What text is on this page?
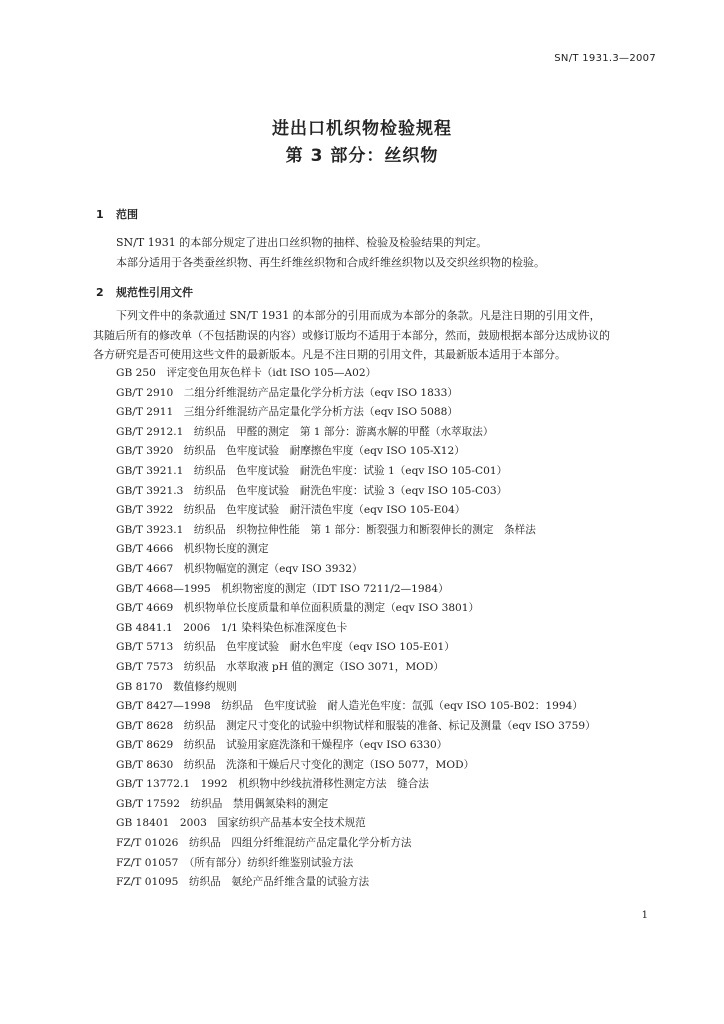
SN/T 1931.3—2007
进出口机织物检验规程
第 3 部分：丝织物
1 范围

SN/T 1931 的本部分规定了进出口丝织物的抽样、检验及检验结果的判定。
本部分适用于各类蚕丝织物、再生纤维丝织物和合成纤维丝织物以及交织丝织物的检验。

2 规范性引用文件

下列文件中的条款通过 SN/T 1931 的本部分的引用而成为本部分的条款。凡是注日期的引用文件，
其随后所有的修改单（不包括勘误的内容）或修订版均不适用于本部分，然而，鼓励根据本部分达成协议的
各方研究是否可使用这些文件的最新版本。凡是不注日期的引用文件，其最新版本适用于本部分。

GB 250　评定变色用灰色样卡（idt ISO 105—A02）
GB/T 2910　二组分纤维混纺产品定量化学分析方法（eqv ISO 1833）
GB/T 2911　三组分纤维混纺产品定量化学分析方法（eqv ISO 5088）
GB/T 2912.1　纺织品　甲醛的测定　第 1 部分：游离水解的甲醛（水萃取法）
GB/T 3920　纺织品　色牢度试验　耐摩擦色牢度（eqv ISO 105-X12）
GB/T 3921.1　纺织品　色牢度试验　耐洗色牢度：试验 1（eqv ISO 105-C01）
GB/T 3921.3　纺织品　色牢度试验　耐洗色牢度：试验 3（eqv ISO 105-C03）
GB/T 3922　纺织品　色牢度试验　耐汗渍色牢度（eqv ISO 105-E04）
GB/T 3923.1　纺织品　织物拉伸性能　第 1 部分：断裂强力和断裂伸长的测定　条样法
GB/T 4666　机织物长度的测定
GB/T 4667　机织物幅宽的测定（eqv ISO 3932）
GB/T 4668—1995　机织物密度的测定（IDT ISO 7211/2—1984）
GB/T 4669　机织物单位长度质量和单位面积质量的测定（eqv ISO 3801）
GB 4841.1　2006　1/1 染料染色标准深度色卡
GB/T 5713　纺织品　色牢度试验　耐水色牢度（eqv ISO 105-E01）
GB/T 7573　纺织品　水萃取液 pH 值的测定（ISO 3071，MOD）
GB 8170　数值修约规则
GB/T 8427—1998　纺织品　色牢度试验　耐人造光色牢度：氙弧（eqv ISO 105-B02：1994）
GB/T 8628　纺织品　测定尺寸变化的试验中织物试样和服装的准备、标记及测量（eqv ISO 3759）
GB/T 8629　纺织品　试验用家庭洗涤和干燥程序（eqv ISO 6330）
GB/T 8630　纺织品　洗涤和干燥后尺寸变化的测定（ISO 5077，MOD）
GB/T 13772.1　1992　机织物中纱线抗滑移性测定方法　缝合法
GB/T 17592　纺织品　禁用偶氮染料的测定
GB 18401　2003　国家纺织产品基本安全技术规范
FZ/T 01026　纺织品　四组分纤维混纺产品定量化学分析方法
FZ/T 01057　（所有部分）纺织纤维鉴别试验方法
FZ/T 01095　纺织品　氨纶产品纤维含量的试验方法
1
